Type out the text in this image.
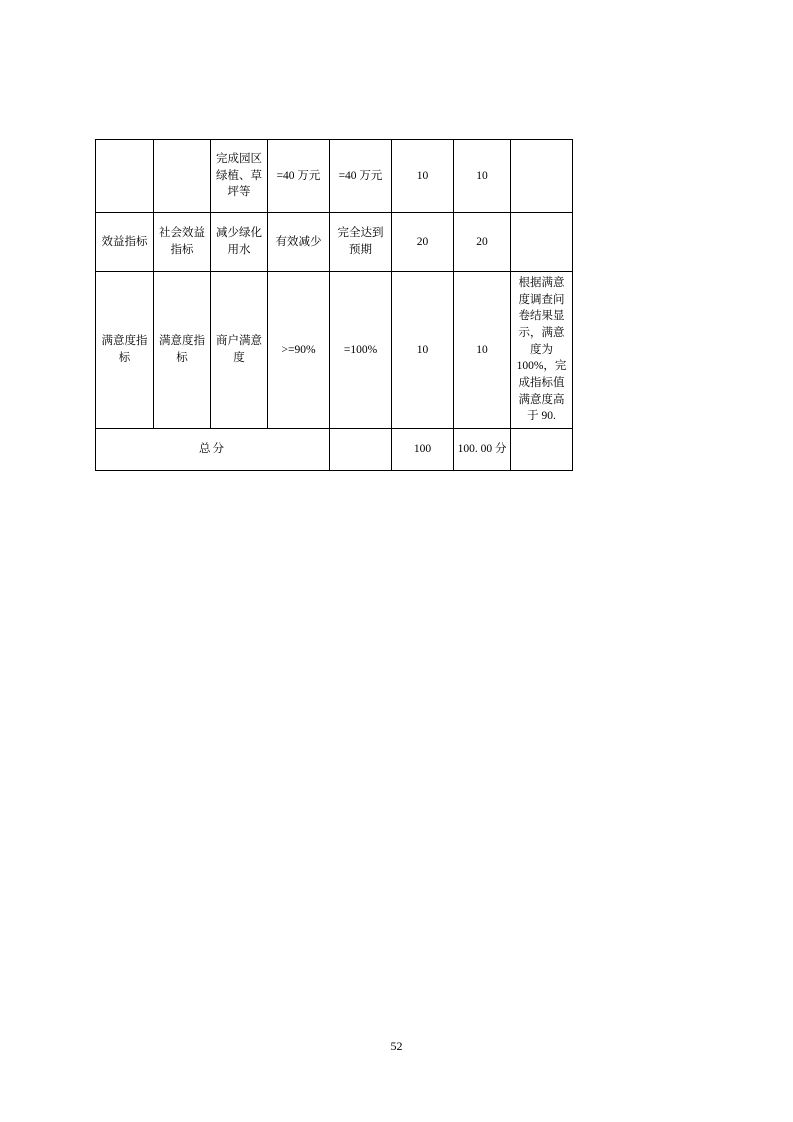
		完成园区绿植、草坪等	=40 万元	=40 万元	10	10	
效益指标	社会效益指标	减少绿化用水	有效减少	完全达到预期	20	20	
满意度指标	满意度指标	商户满意度	>=90%	=100%	10	10	根据满意度调查问卷结果显示，满意度为100%，完成指标值满意度高于 90.
总分					100	100. 00 分	
52
